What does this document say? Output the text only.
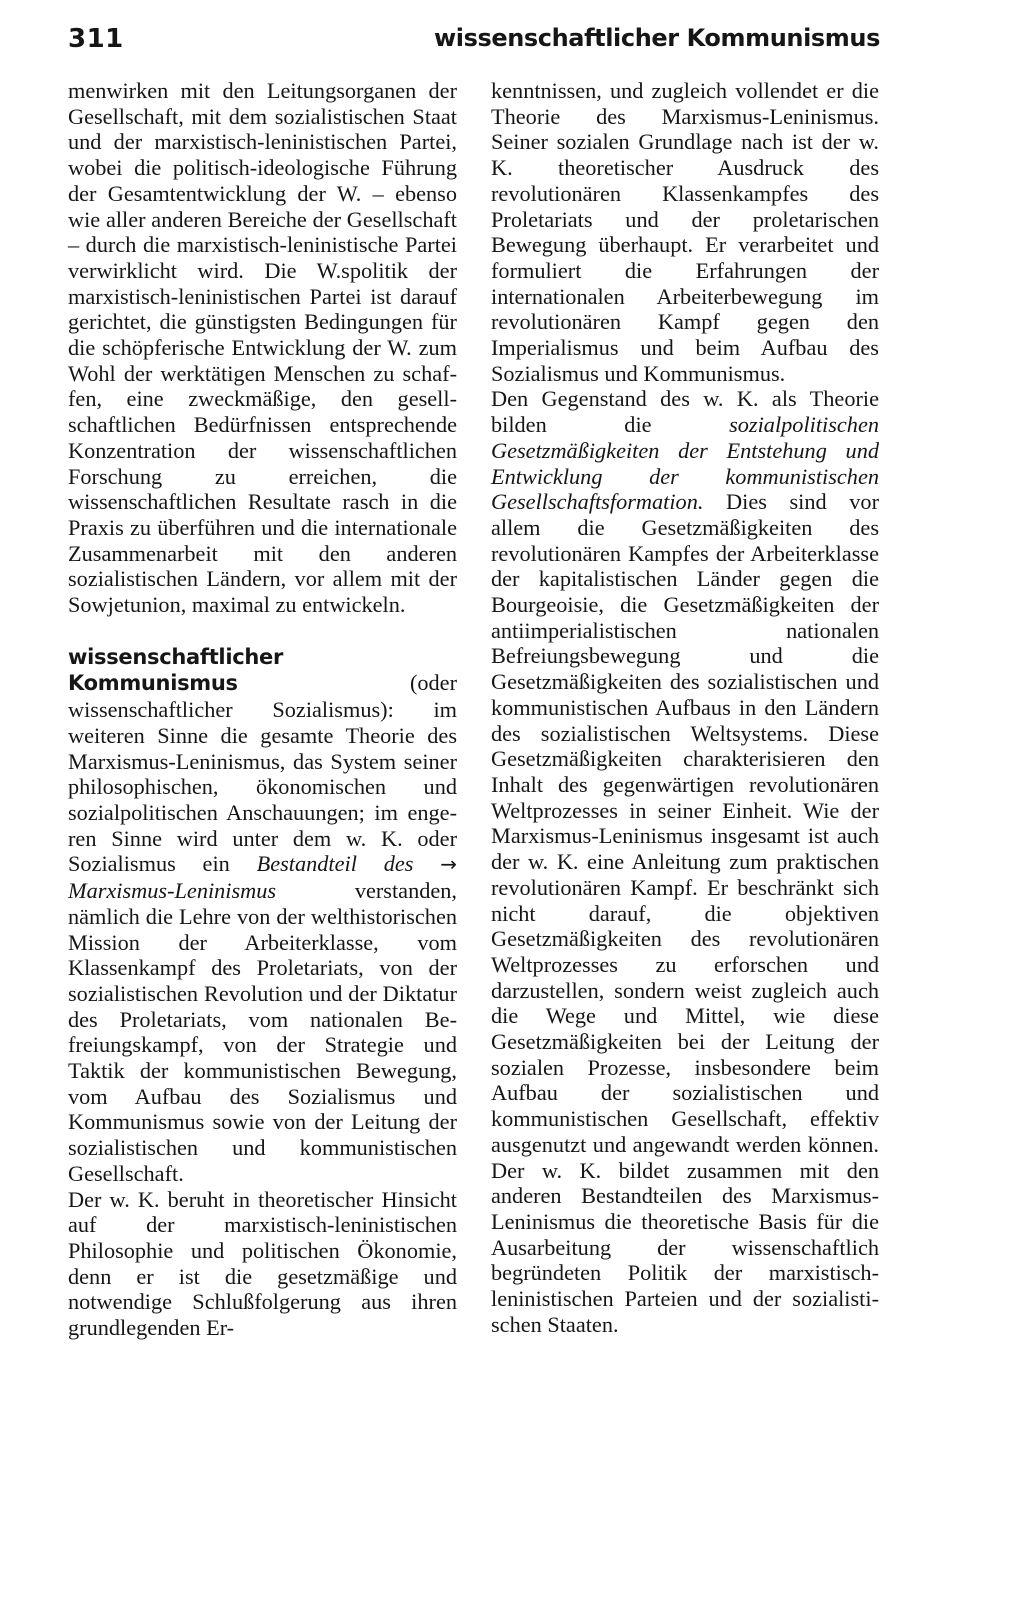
311	wissenschaftlicher Kommunismus

menwirken mit den Leitungsorganen der Gesellschaft, mit dem sozialistischen Staat und der marxistisch-leninistischen Partei, wobei die politisch-ideologische Führung der Gesamtentwicklung der W. – ebenso wie aller anderen Bereiche der Gesellschaft – durch die marxistisch-leninistische Partei verwirklicht wird. Die W.spolitik der marxistisch-leninistischen Partei ist darauf gerichtet, die günstigsten Bedingungen für die schöpferische Entwicklung der W. zum Wohl der werktätigen Menschen zu schaffen, eine zweckmäßige, den gesellschaftlichen Bedürfnissen entsprechende Konzentration der wissenschaftlichen Forschung zu erreichen, die wissenschaftlichen Resultate rasch in die Praxis zu überführen und die internationale Zusammenarbeit mit den anderen sozialistischen Ländern, vor allem mit der Sowjetunion, maximal zu entwickeln.

wissenschaftlicher Kommunismus (oder wissenschaftlicher Sozialismus): im weiteren Sinne die gesamte Theorie des Marxismus-Leninismus, das System seiner philosophischen, ökonomischen und sozialpolitischen Anschauungen; im engeren Sinne wird unter dem w. K. oder Sozialismus ein Bestandteil des → Marxismus-Leninismus verstanden, nämlich die Lehre von der welthistorischen Mission der Arbeiterklasse, vom Klassenkampf des Proletariats, von der sozialistischen Revolution und der Diktatur des Proletariats, vom nationalen Befreiungskampf, von der Strategie und Taktik der kommunistischen Bewegung, vom Aufbau des Sozialismus und Kommunismus sowie von der Leitung der sozialistischen und kommunistischen Gesellschaft.

Der w. K. beruht in theoretischer Hinsicht auf der marxistisch-leninistischen Philosophie und politischen Ökonomie, denn er ist die gesetzmäßige und notwendige Schlußfolgerung aus ihren grundlegenden Er-

kenntnissen, und zugleich vollendet er die Theorie des Marxismus-Leninismus. Seiner sozialen Grundlage nach ist der w. K. theoretischer Ausdruck des revolutionären Klassenkampfes des Proletariats und der proletarischen Bewegung überhaupt. Er verarbeitet und formuliert die Erfahrungen der internationalen Arbeiterbewegung im revolutionären Kampf gegen den Imperialismus und beim Aufbau des Sozialismus und Kommunismus.

Den Gegenstand des w. K. als Theorie bilden die sozialpolitischen Gesetzmäßigkeiten der Entstehung und Entwicklung der kommunistischen Gesellschaftsformation. Dies sind vor allem die Gesetzmäßigkeiten des revolutionären Kampfes der Arbeiterklasse der kapitalistischen Länder gegen die Bourgeoisie, die Gesetzmäßigkeiten der antiimperialistischen nationalen Befreiungsbewegung und die Gesetzmäßigkeiten des sozialistischen und kommunistischen Aufbaus in den Ländern des sozialistischen Weltsystems. Diese Gesetzmäßigkeiten charakterisieren den Inhalt des gegenwärtigen revolutionären Weltprozesses in seiner Einheit. Wie der Marxismus-Leninismus insgesamt ist auch der w. K. eine Anleitung zum praktischen revolutionären Kampf. Er beschränkt sich nicht darauf, die objektiven Gesetzmäßigkeiten des revolutionären Weltprozesses zu erforschen und darzustellen, sondern weist zugleich auch die Wege und Mittel, wie diese Gesetzmäßigkeiten bei der Leitung der sozialen Prozesse, insbesondere beim Aufbau der sozialistischen und kommunistischen Gesellschaft, effektiv ausgenutzt und angewandt werden können. Der w. K. bildet zusammen mit den anderen Bestandteilen des Marxismus-Leninismus die theoretische Basis für die Ausarbeitung der wissenschaftlich begründeten Politik der marxistisch-leninistischen Parteien und der sozialistischen Staaten.
